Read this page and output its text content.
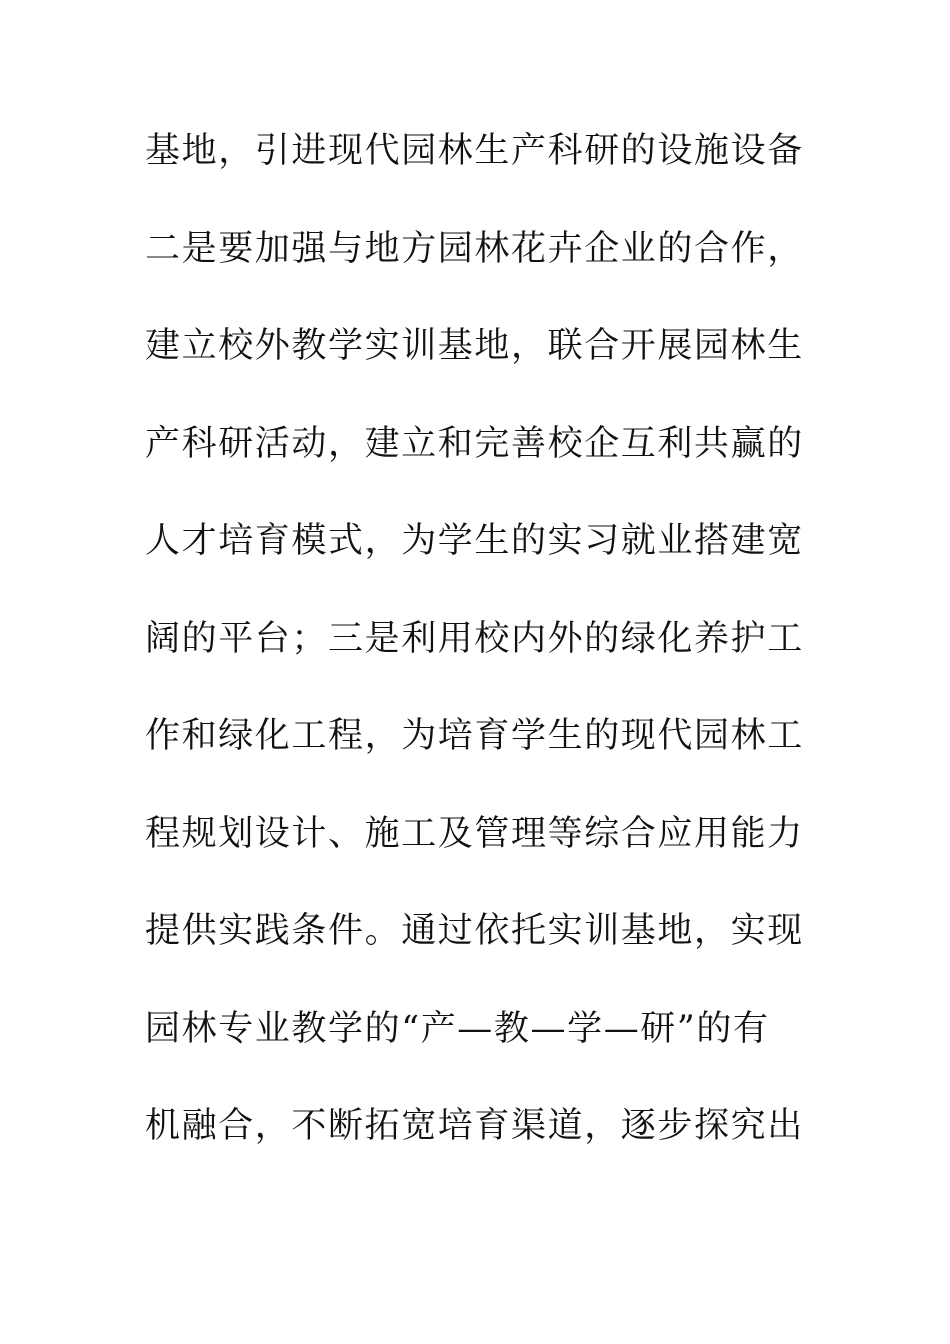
基地，引进现代园林生产科研的设施设备
二是要加强与地方园林花卉企业的合作，
建立校外教学实训基地，联合开展园林生
产科研活动，建立和完善校企互利共赢的
人才培育模式，为学生的实习就业搭建宽
阔的平台；三是利用校内外的绿化养护工
作和绿化工程，为培育学生的现代园林工
程规划设计、施工及管理等综合应用能力
提供实践条件。通过依托实训基地，实现
园林专业教学的“产—教—学—研”的有
机融合，不断拓宽培育渠道，逐步探究出
